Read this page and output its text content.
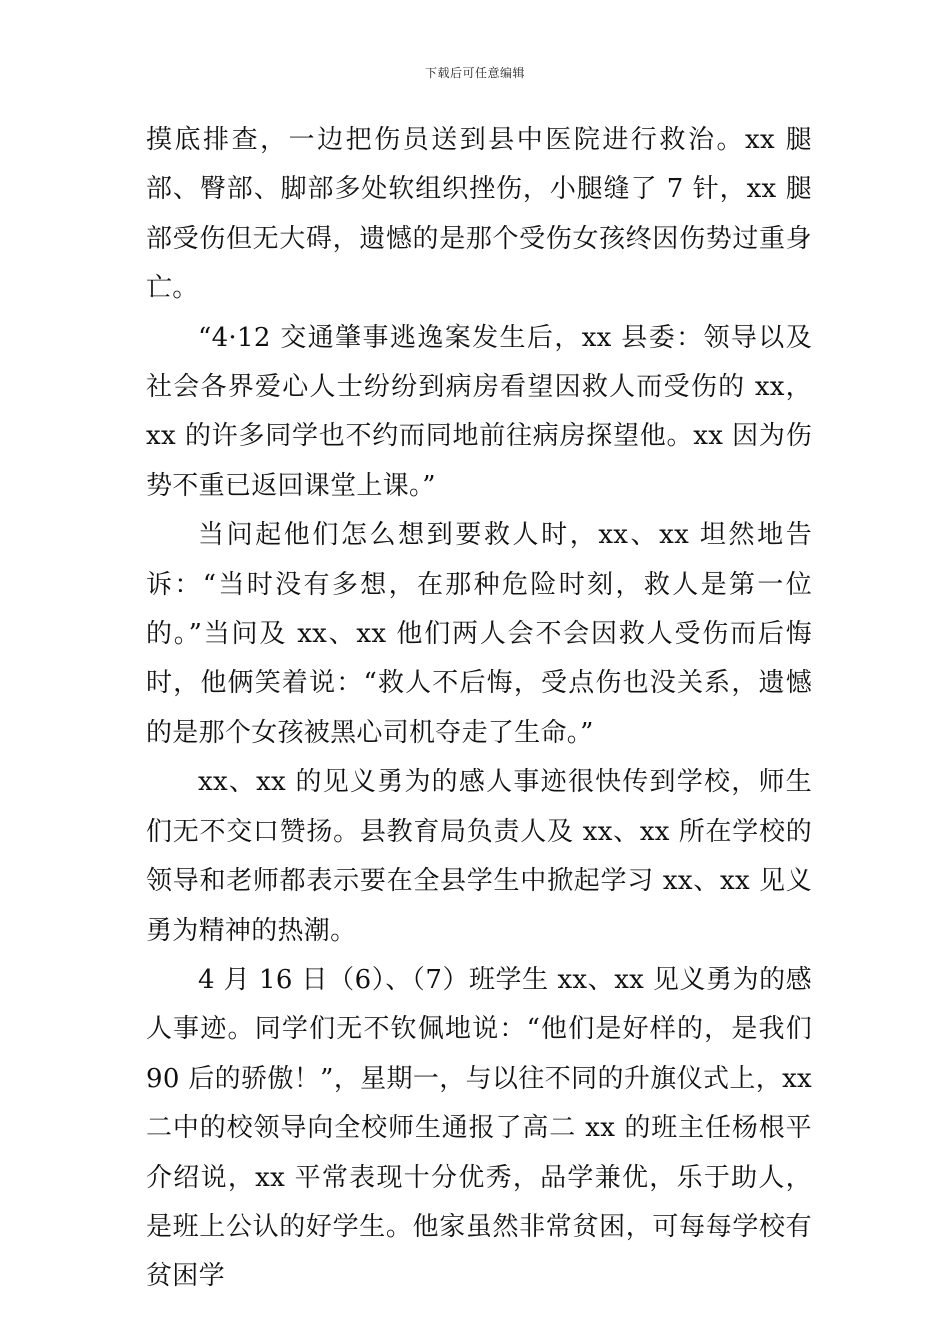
下载后可任意编辑

摸底排查，一边把伤员送到县中医院进行救治。xx 腿部、臀部、脚部多处软组织挫伤，小腿缝了 7 针，xx 腿部受伤但无大碍，遗憾的是那个受伤女孩终因伤势过重身亡。

“4·12 交通肇事逃逸案发生后，xx 县委：领导以及社会各界爱心人士纷纷到病房看望因救人而受伤的 xx，xx 的许多同学也不约而同地前往病房探望他。xx 因为伤势不重已返回课堂上课。”

当问起他们怎么想到要救人时，xx、xx 坦然地告诉：“当时没有多想，在那种危险时刻，救人是第一位的。”当问及 xx、xx 他们两人会不会因救人受伤而后悔时，他俩笑着说：“救人不后悔，受点伤也没关系，遗憾的是那个女孩被黑心司机夺走了生命。”

xx、xx 的见义勇为的感人事迹很快传到学校，师生们无不交口赞扬。县教育局负责人及 xx、xx 所在学校的领导和老师都表示要在全县学生中掀起学习 xx、xx 见义勇为精神的热潮。

4 月 16 日（6）、（7）班学生 xx、xx 见义勇为的感人事迹。同学们无不钦佩地说：“他们是好样的，是我们 90 后的骄傲！”，星期一，与以往不同的升旗仪式上，xx 二中的校领导向全校师生通报了高二 xx 的班主任杨根平介绍说，xx 平常表现十分优秀，品学兼优，乐于助人，是班上公认的好学生。他家虽然非常贫困，可每每学校有贫困学
